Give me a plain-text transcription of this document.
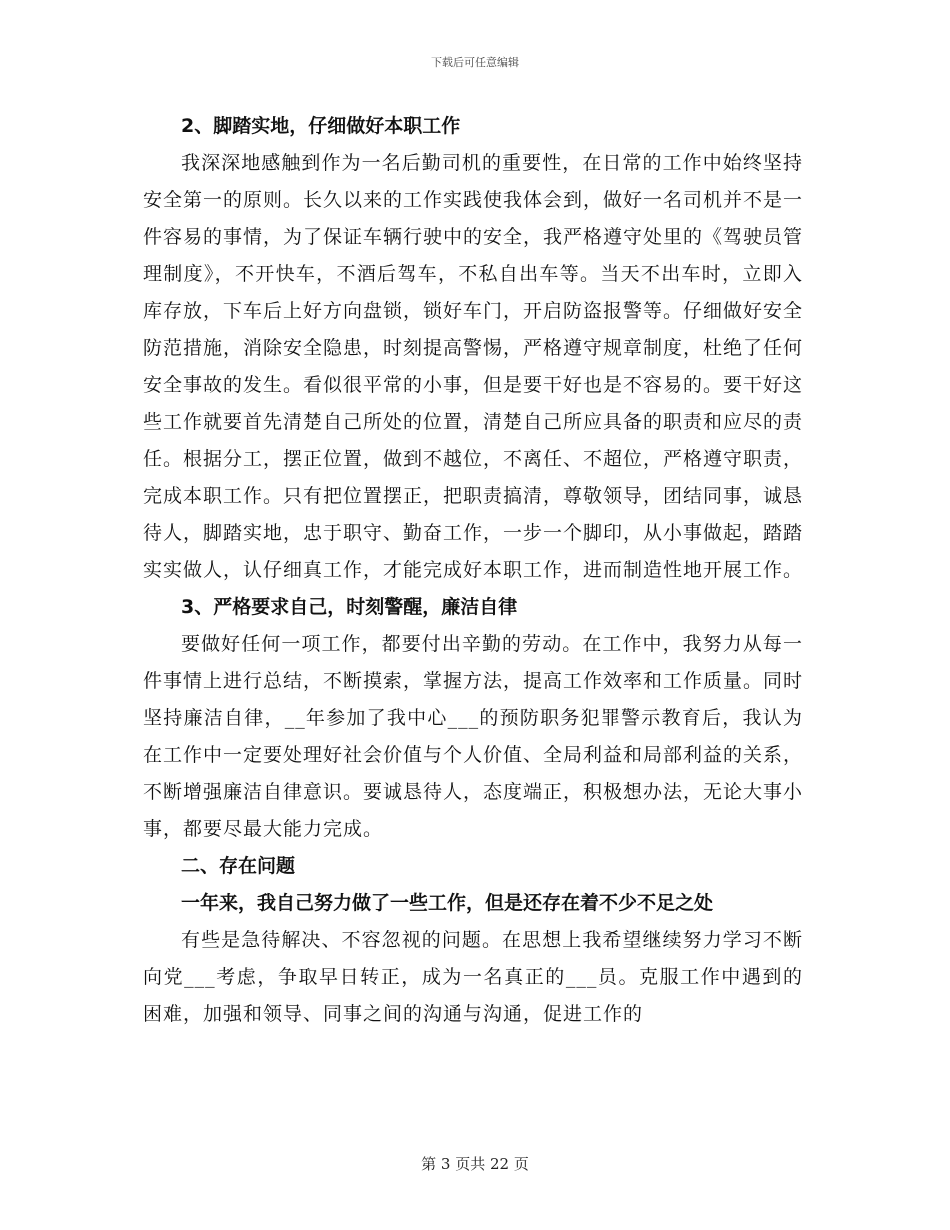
下载后可任意编辑

2、脚踏实地，仔细做好本职工作

我深深地感触到作为一名后勤司机的重要性，在日常的工作中始终坚持安全第一的原则。长久以来的工作实践使我体会到，做好一名司机并不是一件容易的事情，为了保证车辆行驶中的安全，我严格遵守处里的《驾驶员管理制度》，不开快车，不酒后驾车，不私自出车等。当天不出车时，立即入库存放，下车后上好方向盘锁，锁好车门，开启防盗报警等。仔细做好安全防范措施，消除安全隐患，时刻提高警惕，严格遵守规章制度，杜绝了任何安全事故的发生。看似很平常的小事，但是要干好也是不容易的。要干好这些工作就要首先清楚自己所处的位置，清楚自己所应具备的职责和应尽的责任。根据分工，摆正位置，做到不越位，不离任、不超位，严格遵守职责，完成本职工作。只有把位置摆正，把职责搞清，尊敬领导，团结同事，诚恳待人，脚踏实地，忠于职守、勤奋工作，一步一个脚印，从小事做起，踏踏实实做人，认仔细真工作，才能完成好本职工作，进而制造性地开展工作。

3、严格要求自己，时刻警醒，廉洁自律

要做好任何一项工作，都要付出辛勤的劳动。在工作中，我努力从每一件事情上进行总结，不断摸索，掌握方法，提高工作效率和工作质量。同时坚持廉洁自律，__年参加了我中心___的预防职务犯罪警示教育后，我认为在工作中一定要处理好社会价值与个人价值、全局利益和局部利益的关系，不断增强廉洁自律意识。要诚恳待人，态度端正，积极想办法，无论大事小事，都要尽最大能力完成。

二、存在问题

一年来，我自己努力做了一些工作，但是还存在着不少不足之处

有些是急待解决、不容忽视的问题。在思想上我希望继续努力学习不断向党___考虑，争取早日转正，成为一名真正的___员。克服工作中遇到的困难，加强和领导、同事之间的沟通与沟通，促进工作的

第 3 页共 22 页
